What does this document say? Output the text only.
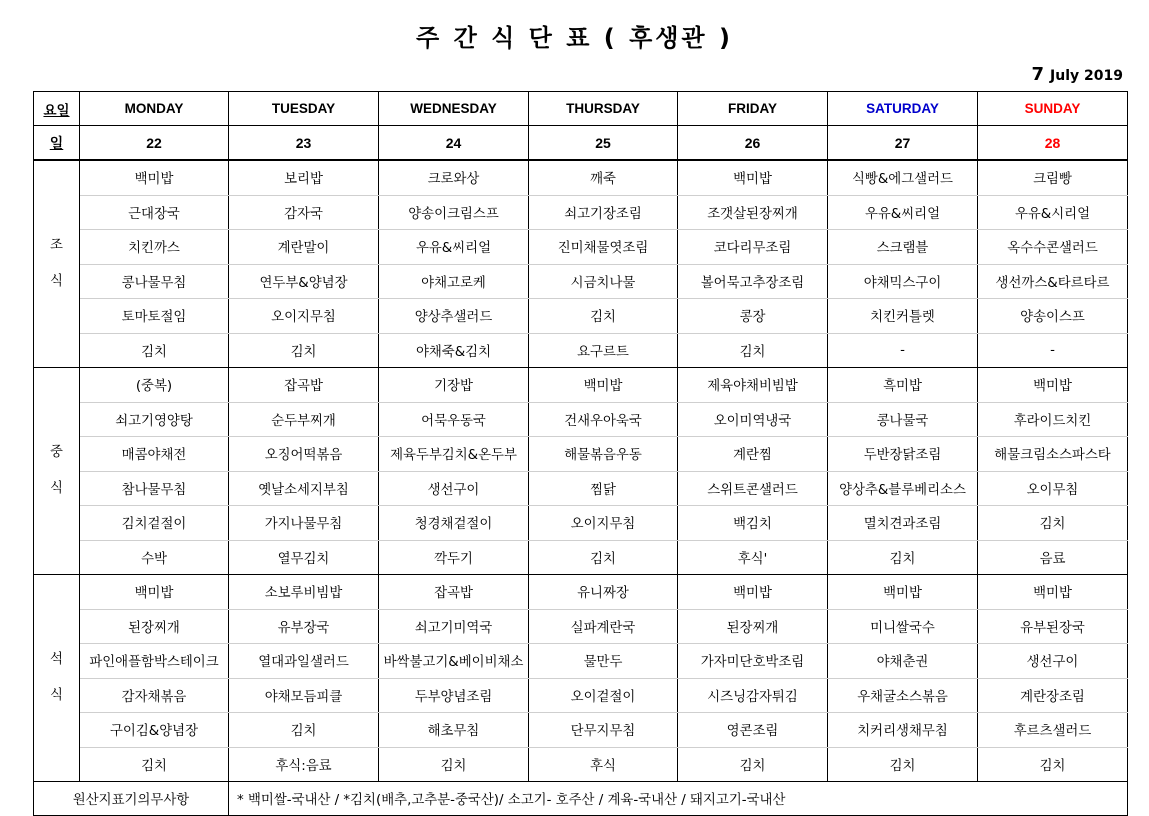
주 간 식 단 표 ( 후생관 )
7 July 2019
요일	MONDAY	TUESDAY	WEDNESDAY	THURSDAY	FRIDAY	SATURDAY	SUNDAY
일	22	23	24	25	26	27	28

조
식	백미밥	보리밥	크로와상	깨죽	백미밥	식빵&에그샐러드	크림빵
	근대장국	감자국	양송이크림스프	쇠고기장조림	조갯살된장찌개	우유&씨리얼	우유&시리얼
	치킨까스	계란말이	우유&씨리얼	진미채물엿조림	코다리무조림	스크램블	옥수수콘샐러드
	콩나물무침	연두부&양념장	야채고로케	시금치나물	볼어묵고추장조림	야채믹스구이	생선까스&타르타르
	토마토절임	오이지무침	양상추샐러드	김치	콩장	치킨커틀렛	양송이스프
	김치	김치	야채죽&김치	요구르트	김치	-	-

중
식	(중복)	잡곡밥	기장밥	백미밥	제육야채비빔밥	흑미밥	백미밥
	쇠고기영양탕	순두부찌개	어묵우동국	건새우아욱국	오이미역냉국	콩나물국	후라이드치킨
	매콤야채전	오징어떡볶음	제육두부김치&온두부	해물볶음우동	계란찜	두반장닭조림	해물크림소스파스타
	참나물무침	옛날소세지부침	생선구이	찜닭	스위트콘샐러드	양상추&블루베리소스	오이무침
	김치겉절이	가지나물무침	청경채겉절이	오이지무침	백김치	멸치견과조림	김치
	수박	열무김치	깍두기	김치	후식'	김치	음료

석
식	백미밥	소보루비빔밥	잡곡밥	유니짜장	백미밥	백미밥	백미밥
	된장찌개	유부장국	쇠고기미역국	실파계란국	된장찌개	미니쌀국수	유부된장국
	파인애플함박스테이크	열대과일샐러드	바싹불고기&베이비채소	물만두	가자미단호박조림	야채춘권	생선구이
	감자채볶음	야채모듬피클	두부양념조림	오이겉절이	시즈닝감자튀김	우채굴소스볶음	계란장조림
	구이김&양념장	김치	해초무침	단무지무침	영콘조림	치커리생채무침	후르츠샐러드
	김치	후식:음료	김치	후식	김치	김치	김치
원산지표기의무사항		* 백미쌀-국내산 / *김치(배추,고추분-중국산)/ 소고기- 호주산 / 계육-국내산 / 돼지고기-국내산					
